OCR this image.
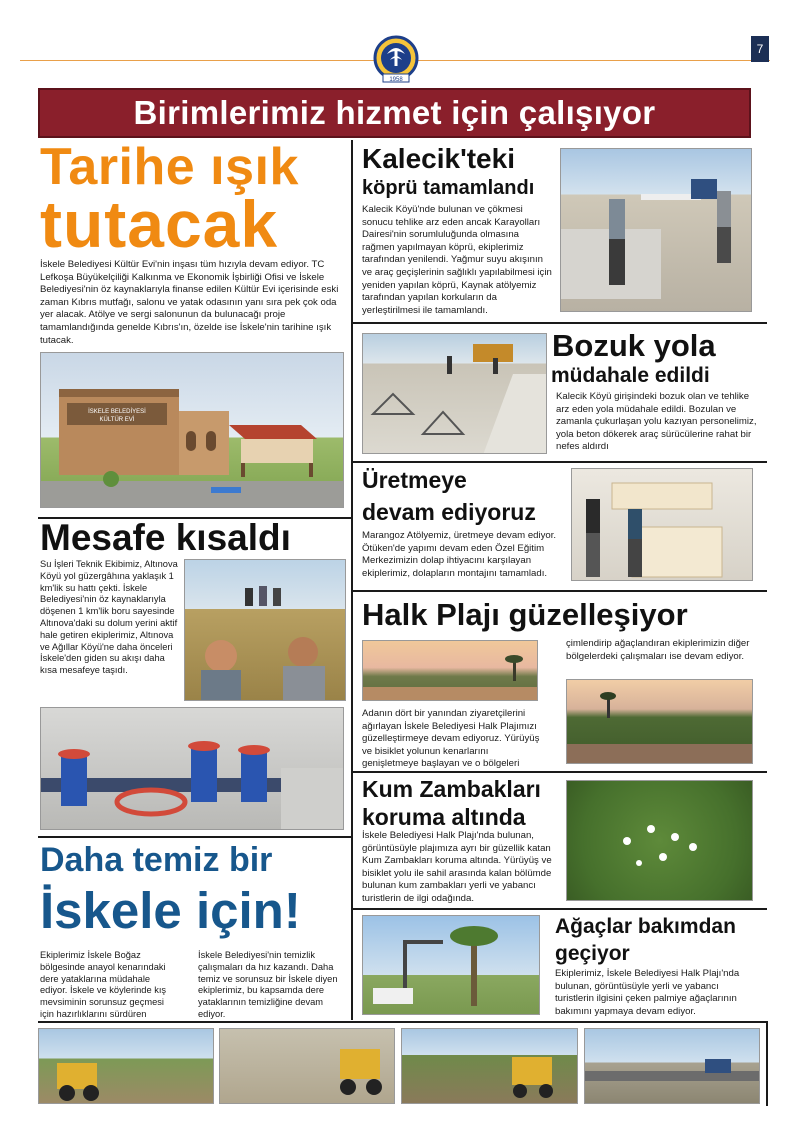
1958
7
Birimlerimiz hizmet için çalışıyor
Tarihe ışık
tutacak
İskele Belediyesi Kültür Evi'nin inşası tüm hızıyla devam ediyor. TC Lefkoşa Büyükelçiliği Kalkınma ve Ekonomik İşbirliği Ofisi ve İskele Belediyesi'nin öz kaynaklarıyla finanse edilen Kültür Evi içerisinde eski zaman Kıbrıs mutfağı, salonu ve yatak odasının yanı sıra pek çok oda yer alacak. Atölye ve sergi salonunun da bulunacağı proje tamamlandığında genelde Kıbrıs'ın, özelde ise İskele'nin tarihine ışık tutacak.
İSKELE BELEDİYESİ
KÜLTÜR EVİ
Mesafe kısaldı
Su İşleri Teknik Ekibimiz, Altınova Köyü yol güzergâhına yaklaşık 1 km'lik su hattı çekti. İskele Belediyesi'nin öz kaynaklarıyla döşenen 1 km'lik boru sayesinde Altınova'daki su dolum yerini aktif hale getiren ekiplerimiz, Altınova ve Ağıllar Köyü'ne daha önceleri İskele'den giden su akışı daha kısa mesafeye taşıdı.
Daha temiz bir
İskele için!
Ekiplerimiz İskele Boğaz bölgesinde anayol kenarındaki dere yataklarına müdahale ediyor. İskele ve köylerinde kış mevsiminin sorunsuz geçmesi için hazırlıklarını sürdüren
İskele Belediyesi'nin temizlik çalışmaları da hız kazandı. Daha temiz ve sorunsuz bir İskele diyen ekiplerimiz, bu kapsamda dere yataklarının temizliğine devam ediyor.
Kalecik'teki
köprü tamamlandı
Kalecik Köyü'nde bulunan ve çökmesi sonucu tehlike arz eden ancak Karayolları Dairesi'nin sorumluluğunda olmasına rağmen yapılmayan köprü, ekiplerimiz tarafından yenilendi. Yağmur suyu akışının ve araç geçişlerinin sağlıklı yapılabilmesi için yeniden yapılan köprü, Kaynak atölyemiz tarafından yapılan korkuların da yerleştirilmesi ile tamamlandı.
Bozuk yola
müdahale edildi
Kalecik Köyü girişindeki bozuk olan ve tehlike arz eden yola müdahale edildi. Bozulan ve zamanla çukurlaşan yolu kazıyan personelimiz, yola beton dökerek araç sürücülerine rahat bir nefes aldırdı
Üretmeye
devam ediyoruz
Marangoz Atölyemiz, üretmeye devam ediyor. Ötüken'de yapımı devam eden Özel Eğitim Merkezimizin dolap ihtiyacını karşılayan ekiplerimiz, dolapların montajını tamamladı.
Halk Plajı güzelleşiyor
Adanın dört bir yanından ziyaretçilerini ağırlayan İskele Belediyesi Halk Plajımızı güzelleştirmeye devam ediyoruz. Yürüyüş ve bisiklet yolunun kenarlarını genişletmeye başlayan ve o bölgeleri
çimlendirip ağaçlandıran ekiplerimizin diğer bölgelerdeki çalışmaları ise devam ediyor.
Kum Zambakları
koruma altında
İskele Belediyesi Halk Plajı'nda bulunan, görüntüsüyle plajımıza ayrı bir güzellik katan Kum Zambakları koruma altında. Yürüyüş ve bisiklet yolu ile sahil arasında kalan bölümde bulunan kum zambakları yerli ve yabancı turistlerin de ilgi odağında.
Ağaçlar bakımdan
geçiyor
Ekiplerimiz, İskele Belediyesi Halk Plajı'nda bulunan, görüntüsüyle yerli ve yabancı turistlerin ilgisini çeken palmiye ağaçlarının bakımını yapmaya devam ediyor.
